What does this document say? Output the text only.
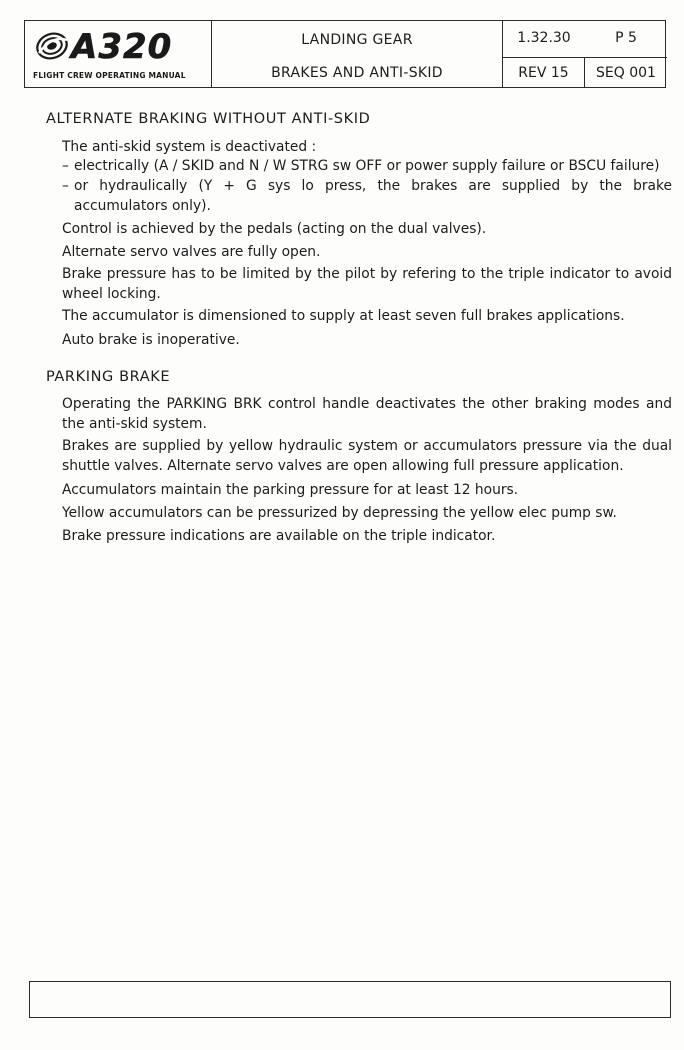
A320
FLIGHT CREW OPERATING MANUAL
LANDING GEAR
BRAKES AND ANTI-SKID
1.32.30	P 5
REV 15	SEQ 001
ALTERNATE BRAKING WITHOUT ANTI-SKID
The anti-skid system is deactivated :
– electrically (A / SKID and N / W STRG sw OFF or power supply failure or BSCU failure)
– or hydraulically (Y + G sys lo press, the brakes are supplied by the brake accumulators only).
Control is achieved by the pedals (acting on the dual valves).
Alternate servo valves are fully open.
Brake pressure has to be limited by the pilot by refering to the triple indicator to avoid wheel locking.
The accumulator is dimensioned to supply at least seven full brakes applications.
Auto brake is inoperative.
PARKING BRAKE
Operating the PARKING BRK control handle deactivates the other braking modes and the anti-skid system.
Brakes are supplied by yellow hydraulic system or accumulators pressure via the dual shuttle valves. Alternate servo valves are open allowing full pressure application.
Accumulators maintain the parking pressure for at least 12 hours.
Yellow accumulators can be pressurized by depressing the yellow elec pump sw.
Brake pressure indications are available on the triple indicator.
